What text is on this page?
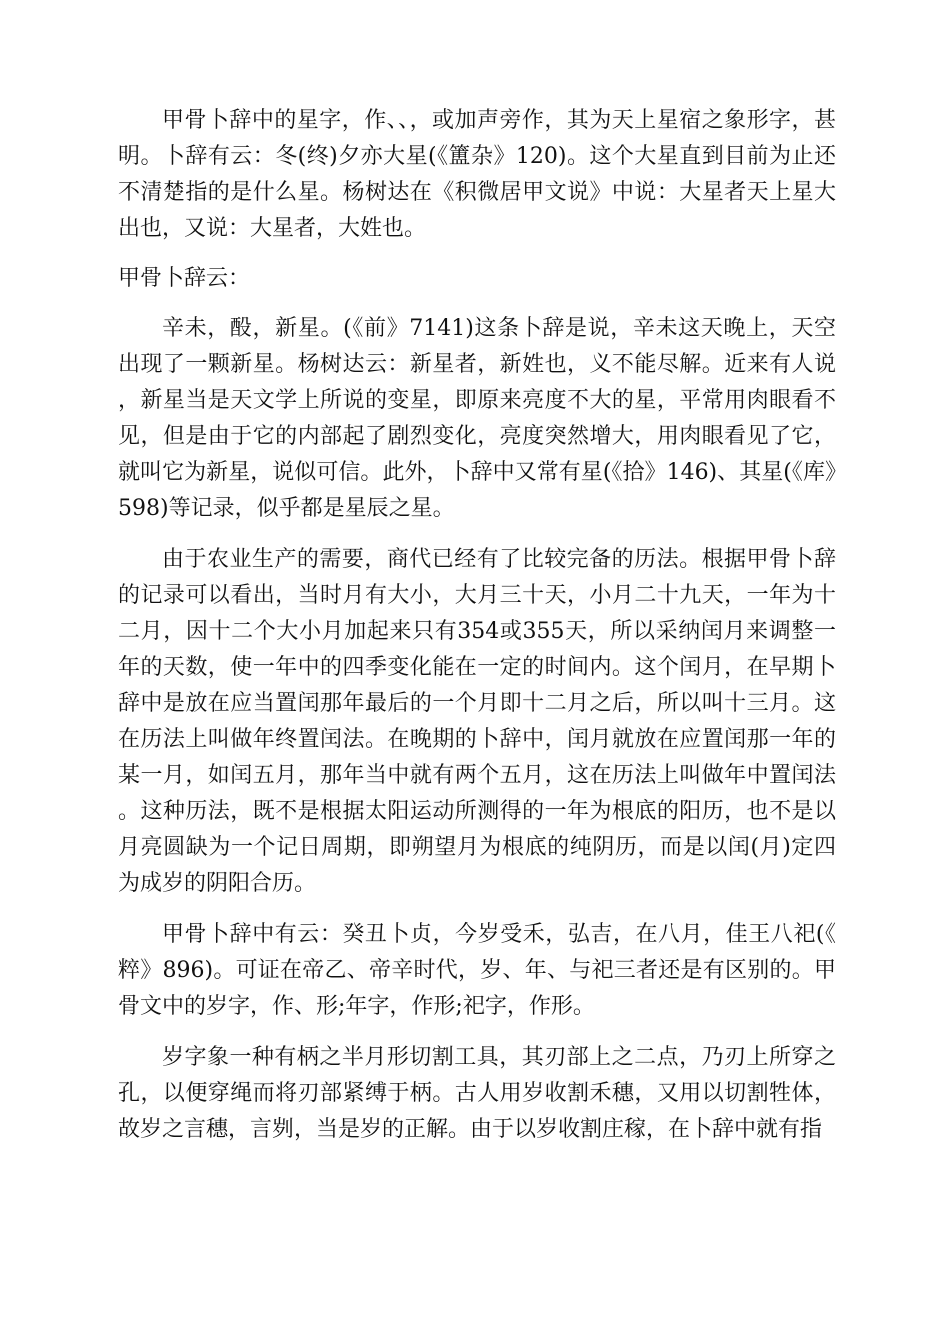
甲骨卜辞中的星字，作、、，或加声旁作，其为天上星宿之象形字，甚明。卜辞有云：冬(终)夕亦大星(《簠杂》120)。这个大星直到目前为止还不清楚指的是什么星。杨树达在《积微居甲文说》中说：大星者天上星大出也，又说：大星者，大姓也。

甲骨卜辞云：

辛未，酘，新星。(《前》7141)这条卜辞是说，辛未这天晚上，天空出现了一颗新星。杨树达云：新星者，新姓也，义不能尽解。近来有人说，新星当是天文学上所说的变星，即原来亮度不大的星，平常用肉眼看不见，但是由于它的内部起了剧烈变化，亮度突然增大，用肉眼看见了它，就叫它为新星，说似可信。此外，卜辞中又常有星(《拾》146)、其星(《库》598)等记录，似乎都是星辰之星。

由于农业生产的需要，商代已经有了比较完备的历法。根据甲骨卜辞的记录可以看出，当时月有大小，大月三十天，小月二十九天，一年为十二月，因十二个大小月加起来只有354或355天，所以采纳闰月来调整一年的天数，使一年中的四季变化能在一定的时间内。这个闰月，在早期卜辞中是放在应当置闰那年最后的一个月即十二月之后，所以叫十三月。这在历法上叫做年终置闰法。在晚期的卜辞中，闰月就放在应置闰那一年的某一月，如闰五月，那年当中就有两个五月，这在历法上叫做年中置闰法。这种历法，既不是根据太阳运动所测得的一年为根底的阳历，也不是以月亮圆缺为一个记日周期，即朔望月为根底的纯阴历，而是以闰(月)定四为成岁的阴阳合历。

甲骨卜辞中有云：癸丑卜贞，今岁受禾，弘吉，在八月，佳王八祀(《粹》896)。可证在帝乙、帝辛时代，岁、年、与祀三者还是有区别的。甲骨文中的岁字，作、形;年字，作形;祀字，作形。

岁字象一种有柄之半月形切割工具，其刃部上之二点，乃刃上所穿之孔，以便穿绳而将刃部紧缚于柄。古人用岁收割禾穗，又用以切割牲体，故岁之言穗，言刿，当是岁的正解。由于以岁收割庄稼，在卜辞中就有指
